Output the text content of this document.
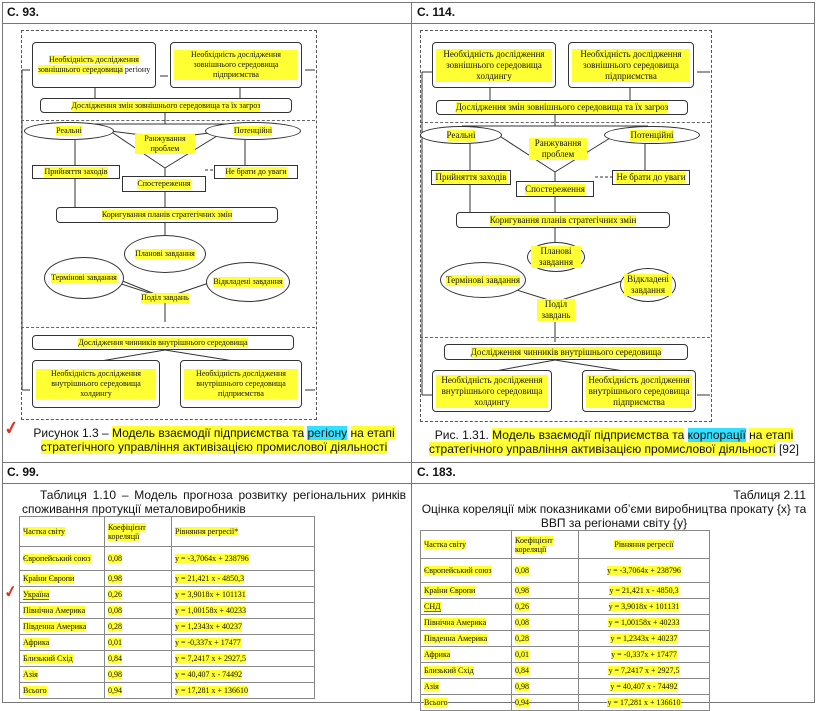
С. 93.	С. 114.
С. 99.	С. 183.
Необхідність дослідження зовнішнього середовища регіону
Необхідність дослідження зовнішнього середовища підприємства
Дослідження змін зовнішнього середовища та їх загроз
Реальні
Ранжування проблем
Потенційні
Прийняття заходів	Не брати до уваги
Спостереження
Коригування планів стратегічних змін
Планові завдання
Термінові завдання	Відкладені завдання
Поділ завдань
Дослідження чинників внутрішнього середовища
Необхідність дослідження внутрішнього середовища холдингу
Необхідність дослідження внутрішнього середовища підприємства
✓	Рисунок 1.3 – Модель взаємодії підприємства та регіону на етапі стратегічного управління активізацією промислової діяльності
Необхідність дослідження зовнішнього середовища холдингу
Необхідність дослідження зовнішнього середовища підприємства
Дослідження змін зовнішнього середовища та їх загроз
Реальні
Ранжування проблем
Потенційні
Прийняття заходів	Не брати до уваги
Спостереження
Коригування планів стратегічних змін
Планові завдання
Термінові завдання	Відкладені завдання
Поділ завдань
Дослідження чинників внутрішнього середовища
Необхідність дослідження внутрішнього середовища холдингу
Необхідність дослідження внутрішнього середовища підприємства
Рис. 1.31. Модель взаємодії підприємства та корпорації на етапі стратегічного управління активізацією промислової діяльності [92]
Таблиця 1.10 – Модель прогноза розвитку регіональних ринків споживання протукції металовиробників
Частка світу	Коефіцієнт кореляції	Рівняння регресії*
Європейський союз	0,08	y = -3,7064x + 238796
Країни Європи	0,98	y = 21,421 x - 4850,3
Україна	0,26	y = 3,9018x + 101131
Північна Америка	0,08	y = 1,00158x + 40233
Південна Америка	0,28	y = 1,2343x + 40237
Африка	0,01	y = -0,337x + 17477
Близький Схід	0,84	y = 7,2417 x + 2927,5
Азія	0,98	y = 40,407 x - 74492
Всього	0,94	y = 17,281 x + 136610
✓
Таблиця 2.11
Оцінка кореляції між показниками об’єми виробництва прокату {x} та ВВП за регіонами світу {y}
Частка світу	Коефіцієнт кореляції	Рівняння регресії
Європейський союз	0,08	y = -3,7064x + 238796
Країни Європи	0,98	y = 21,421 x - 4850,3
СНД	0,26	y = 3,9018x + 101131
Північна Америка	0,08	y = 1,00158x + 40233
Південна Америка	0,28	y = 1,2343x + 40237
Африка	0,01	y = -0,337x + 17477
Близький Схід	0,84	y = 7,2417 x + 2927,5
Азія	0,98	y = 40,407 x - 74492
Всього	0,94	y = 17,281 x + 136610
